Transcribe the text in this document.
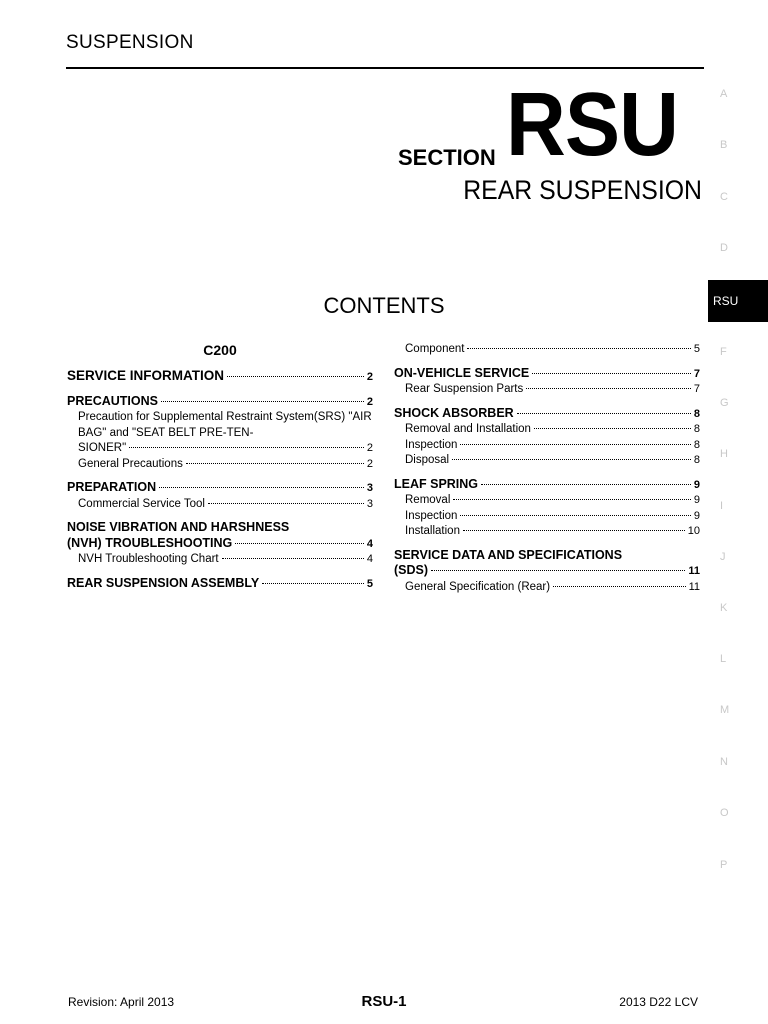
SUSPENSION
SECTION RSU
REAR SUSPENSION
CONTENTS
A
B
C
D
RSU
F
G
H
I
J
K
L
M
N
O
P
C200
SERVICE INFORMATION	2
PRECAUTIONS	2
Precaution for Supplemental Restraint System(SRS) "AIR BAG" and "SEAT BELT PRE-TEN-
SIONER"	2
General Precautions	2
PREPARATION	3
Commercial Service Tool	3
NOISE VIBRATION AND HARSHNESS
(NVH) TROUBLESHOOTING	4
NVH Troubleshooting Chart	4
REAR SUSPENSION ASSEMBLY	5
Component	5
ON-VEHICLE SERVICE	7
Rear Suspension Parts	7
SHOCK ABSORBER	8
Removal and Installation	8
Inspection	8
Disposal	8
LEAF SPRING	9
Removal	9
Inspection	9
Installation	10
SERVICE DATA AND SPECIFICATIONS
(SDS)	11
General Specification (Rear)	11
Revision: April 2013	RSU-1	2013 D22 LCV
